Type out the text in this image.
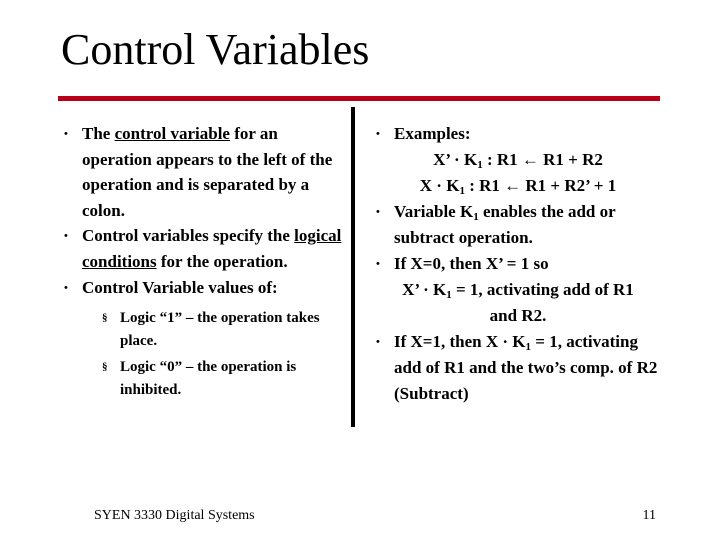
Control Variables
• The control variable for an operation appears to the left of the operation and is separated by a colon.
• Control variables specify the logical conditions for the operation.
• Control Variable values of:
§ Logic “1” – the operation takes place.
§ Logic “0” – the operation is inhibited.
• Examples:
X’ · $K_1$ : R1 ← R1 + R2
$X \cdot K_1$ : R1 ← R1 + R2’ + 1
• Variable $K_1$ enables the add or subtract operation.
• If X=0, then X’ = 1 so
X’ · $K_1 = 1$, activating add of R1 and R2.
• If X=1, then $X \cdot K_1 = 1$, activating add of R1 and the two’s comp. of R2 (Subtract)
SYEN 3330 Digital Systems	11
